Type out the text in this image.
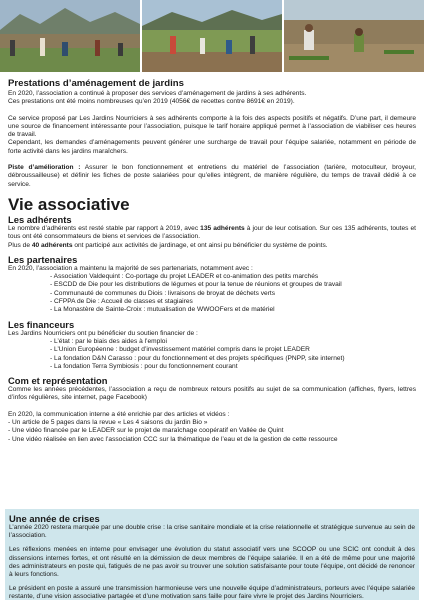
Prestations d’aménagement de jardins

En 2020, l’association a continué à proposer des services d’aménagement de jardins à ses adhérents.

Ces prestations ont été moins nombreuses qu’en 2019 (4056€ de recettes contre 8691€ en 2019).

Ce service proposé par Les Jardins Nourriciers à ses adhérents comporte à la fois des aspects positifs et négatifs. D’une part, il demeure une source de financement intéressante pour l’association, puisque le tarif horaire appliqué permet à l’association de viabiliser ces heures de travail.

Cependant, les demandes d’aménagements peuvent générer une surcharge de travail pour l’équipe salariée, notamment en période de forte activité dans les jardins maraîchers.

Piste d’amélioration : Assurer le bon fonctionnement et entretiens du matériel de l’association (tarière, motoculteur, broyeur, débroussailleuse) et définir les fiches de poste salariées pour qu’elles intègrent, de manière régulière, du temps de travail dédié à ce service.

Vie associative
Les adhérents

Le nombre d’adhérents est resté stable par rapport à 2019, avec 135 adhérents à jour de leur cotisation. Sur ces 135 adhérents, toutes et tous ont été consommateurs de biens et services de l’association.

Plus de 40 adhérents ont participé aux activités de jardinage, et ont ainsi pu bénéficier du système de points.

Les partenaires

En 2020, l’association a maintenu la majorité de ses partenariats, notamment avec :

- Association Valdequint : Co-portage du projet LEADER et co-animation des petits marchés
- ESCDD de Die pour les distributions de légumes et pour la tenue de réunions et groupes de travail
- Communauté de communes du Diois : livraisons de broyat de déchets verts
- CFPPA de Die : Accueil de classes et stagiaires
- La Monastère de Sainte-Croix : mutualisation de WWOOFers et de matériel
Les financeurs

Les Jardins Nourriciers ont pu bénéficier du soutien financier de :

- L’état : par le biais des aides à l’emploi
- L’Union Européenne : budget d’investissement matériel compris dans le projet LEADER
- La fondation D&N Carasso : pour du fonctionnement et des projets spécifiques (PNPP, site internet)
- La fondation Terra Symbiosis : pour du fonctionnement courant
Com et représentation

Comme les années précédentes, l’association a reçu de nombreux retours positifs au sujet de sa communication (affiches, flyers, lettres d’infos régulières, site internet, page Facebook)

En 2020, la communication interne a été enrichie par des articles et vidéos :

- Un article de 5 pages dans la revue « Les 4 saisons du jardin Bio »

- Une vidéo financée par le LEADER sur le projet de maraîchage coopératif en Vallée de Quint

- Une vidéo réalisée en lien avec l’association CCC sur la thématique de l’eau et de la gestion de cette ressource

Une année de crises

L’année 2020 restera marquée par une double crise : la crise sanitaire mondiale et la crise relationnelle et stratégique survenue au sein de l’association.

Les réflexions menées en interne pour envisager une évolution du statut associatif vers une SCOOP ou une SCIC ont conduit à des dissensions internes fortes, et ont résulté en la démission de deux membres de l’équipe salariée. Il en a été de même pour une majorité des administrateurs en poste qui, fatigués de ne pas avoir su trouver une solution satisfaisante pour toute l’équipe, ont décidé de renoncer à leurs fonctions.

Le président en poste a assuré une transmission harmonieuse vers une nouvelle équipe d’administrateurs, porteurs avec l’équipe salariée restante, d’une vision associative partagée et d’une motivation sans faille pour faire vivre le projet des Jardins Nourriciers.
